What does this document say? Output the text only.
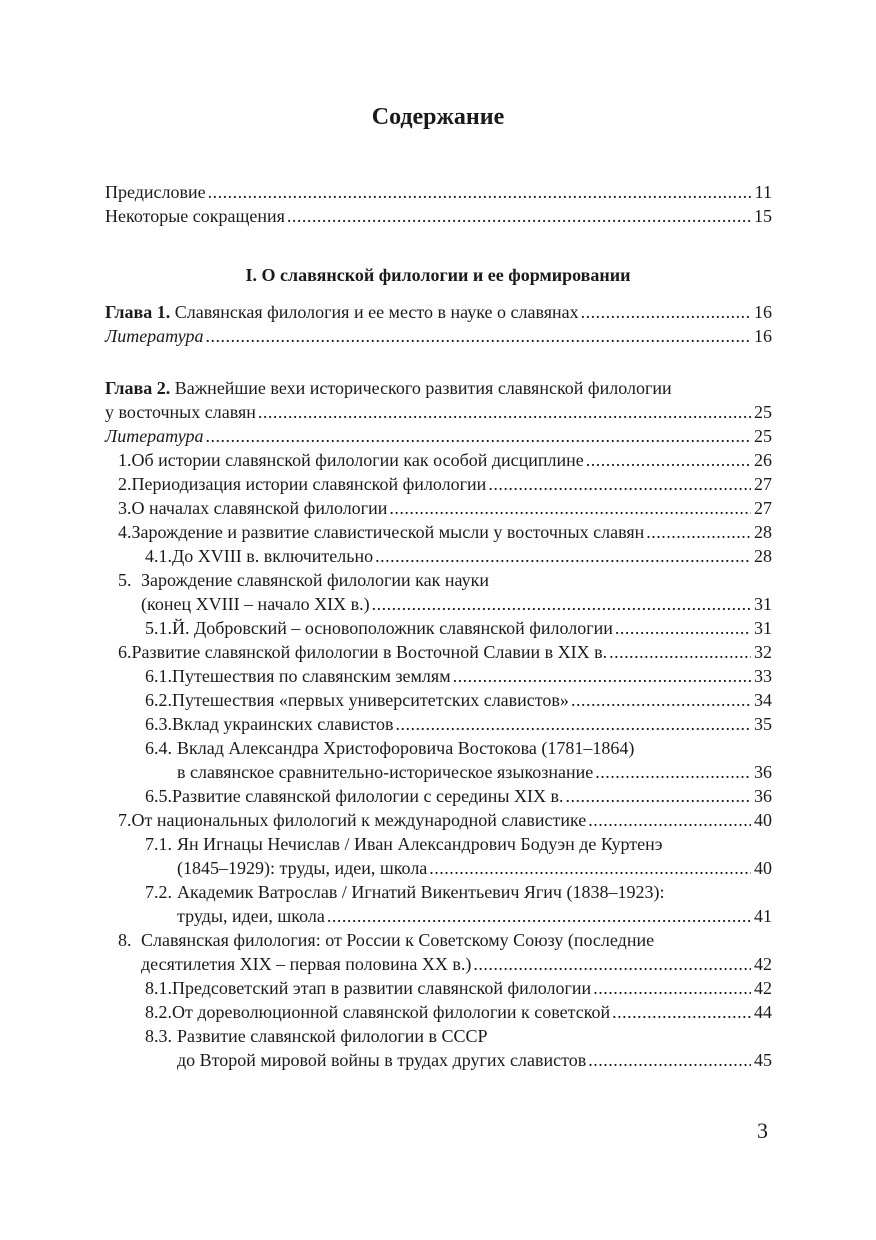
Содержание
Предисловие .....	11
Некоторые сокращения .....	15
I. О славянской филологии и ее формировании
Глава 1. Славянская филология и ее место в науке о славянах .....	16
Литература .....	16
Глава 2. Важнейшие вехи исторического развития славянской филологии
у восточных славян .....	25
Литература .....	25
1. Об истории славянской филологии как особой дисциплине .....	26
2. Периодизация истории славянской филологии .....	27
3. О началах славянской филологии .....	27
4. Зарождение и развитие славистической мысли у восточных славян .....	28
4.1. До XVIII в. включительно .....	28
5. Зарождение славянской филологии как науки
(конец XVIII – начало XIX в.) .....	31
5.1. Й. Добровский – основоположник славянской филологии .....	31
6. Развитие славянской филологии в Восточной Славии в XIX в. .....	32
6.1. Путешествия по славянским землям .....	33
6.2. Путешествия «первых университетских славистов» .....	34
6.3. Вклад украинских славистов .....	35
6.4. Вклад Александра Христофоровича Востокова (1781–1864)
в славянское сравнительно-историческое языкознание .....	36
6.5. Развитие славянской филологии с середины XIX в. .....	36
7. От национальных филологий к международной славистике .....	40
7.1. Ян Игнацы Нечислав / Иван Александрович Бодуэн де Куртенэ
(1845–1929): труды, идеи, школа .....	40
7.2. Академик Ватрослав / Игнатий Викентьевич Ягич (1838–1923):
труды, идеи, школа .....	41
8. Славянская филология: от России к Советскому Союзу (последние
десятилетия XIX – первая половина XX в.) .....	42
8.1. Предсоветский этап в развитии славянской филологии .....	42
8.2. От дореволюционной славянской филологии к советской .....	44
8.3. Развитие славянской филологии в СССР
до Второй мировой войны в трудах других славистов .....	45
3
